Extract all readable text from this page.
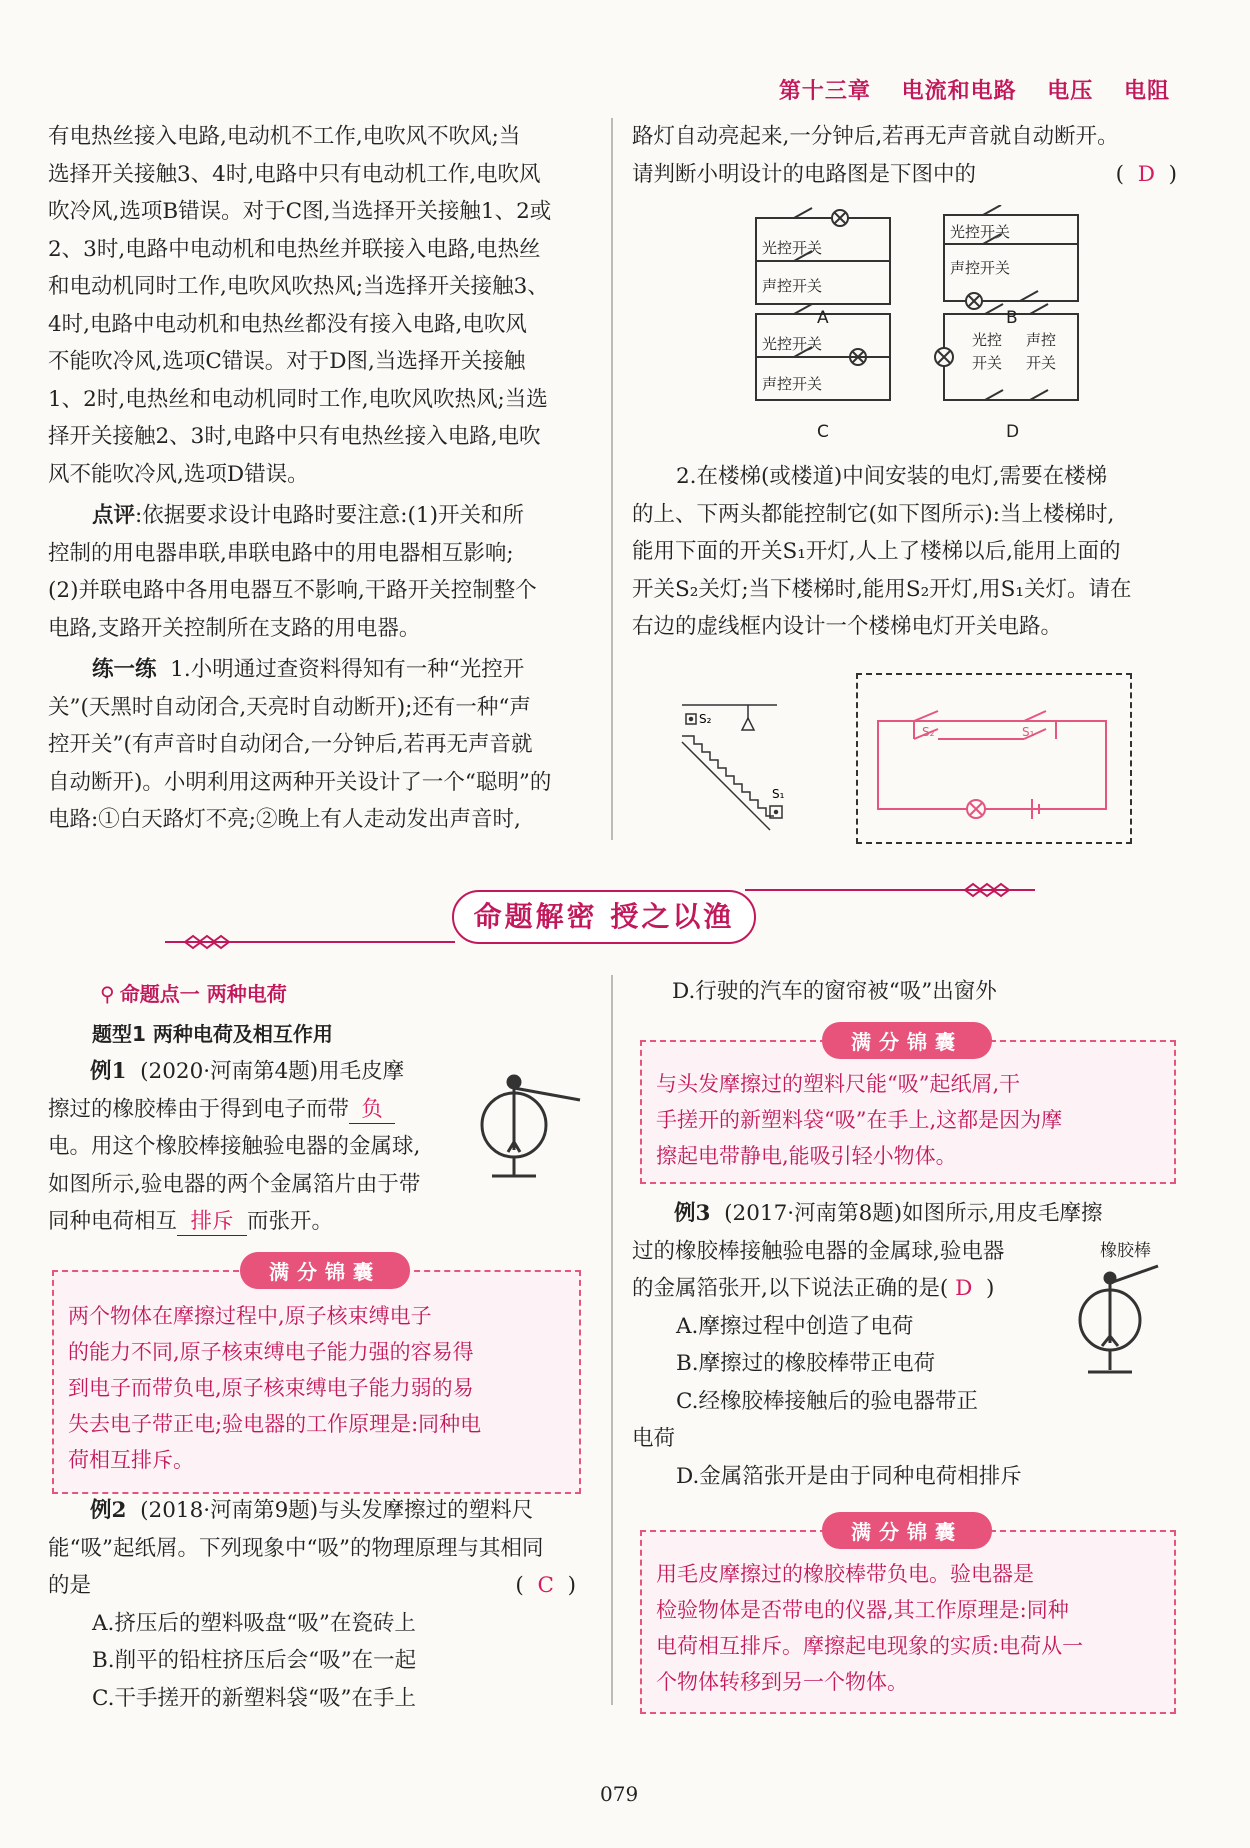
第十三章 电流和电路 电压 电阻
有电热丝接入电路,电动机不工作,电吹风不吹风;当
选择开关接触3、4时,电路中只有电动机工作,电吹风
吹冷风,选项B错误。对于C图,当选择开关接触1、2或
2、3时,电路中电动机和电热丝并联接入电路,电热丝
和电动机同时工作,电吹风吹热风;当选择开关接触3、
4时,电路中电动机和电热丝都没有接入电路,电吹风
不能吹冷风,选项C错误。对于D图,当选择开关接触
1、2时,电热丝和电动机同时工作,电吹风吹热风;当选
择开关接触2、3时,电路中只有电热丝接入电路,电吹
风不能吹冷风,选项D错误。
点评:依据要求设计电路时要注意:(1)开关和所
控制的用电器串联,串联电路中的用电器相互影响;
(2)并联电路中各用电器互不影响,干路开关控制整个
电路,支路开关控制所在支路的用电器。
练一练  1.小明通过查资料得知有一种“光控开
关”(天黑时自动闭合,天亮时自动断开);还有一种“声
控开关”(有声音时自动闭合,一分钟后,若再无声音就
自动断开)。小明利用这两种开关设计了一个“聪明”的
电路:①白天路灯不亮;②晚上有人走动发出声音时,
路灯自动亮起来,一分钟后,若再无声音就自动断开。
请判断小明设计的电路图是下图中的	(  D  )
光控开关
声控开关
A
光控开关
声控开关
B
光控开关
声控开关
C
光控
开关
声控
开关
D
2.在楼梯(或楼道)中间安装的电灯,需要在楼梯
的上、下两头都能控制它(如下图所示):当上楼梯时,
能用下面的开关S₁开灯,人上了楼梯以后,能用上面的
开关S₂关灯;当下楼梯时,能用S₂开灯,用S₁关灯。请在
右边的虚线框内设计一个楼梯电灯开关电路。
S₂
S₁
S₂	S₁
命题解密 授之以渔
⚲ 命题点一 两种电荷
题型1 两种电荷及相互作用
例1 (2020·河南第4题)用毛皮摩
擦过的橡胶棒由于得到电子而带 负
电。用这个橡胶棒接触验电器的金属球,
如图所示,验电器的两个金属箔片由于带
同种电荷相互 排斥 而张开。
两个物体在摩擦过程中,原子核束缚电子
的能力不同,原子核束缚电子能力强的容易得
到电子而带负电,原子核束缚电子能力弱的易
失去电子带正电;验电器的工作原理是:同种电
荷相互排斥。
满分锦囊
例2 (2018·河南第9题)与头发摩擦过的塑料尺
能“吸”起纸屑。下列现象中“吸”的物理原理与其相同
的是	(  C  )
A.挤压后的塑料吸盘“吸”在瓷砖上
B.削平的铅柱挤压后会“吸”在一起
C.干手搓开的新塑料袋“吸”在手上
D.行驶的汽车的窗帘被“吸”出窗外
与头发摩擦过的塑料尺能“吸”起纸屑,干
手搓开的新塑料袋“吸”在手上,这都是因为摩
擦起电带静电,能吸引轻小物体。
满分锦囊
例3 (2017·河南第8题)如图所示,用皮毛摩擦
过的橡胶棒接触验电器的金属球,验电器
的金属箔张开,以下说法正确的是( D  )
A.摩擦过程中创造了电荷
B.摩擦过的橡胶棒带正电荷
C.经橡胶棒接触后的验电器带正
电荷
D.金属箔张开是由于同种电荷相排斥
橡胶棒
用毛皮摩擦过的橡胶棒带负电。验电器是
检验物体是否带电的仪器,其工作原理是:同种
电荷相互排斥。摩擦起电现象的实质:电荷从一
个物体转移到另一个物体。
满分锦囊
079
